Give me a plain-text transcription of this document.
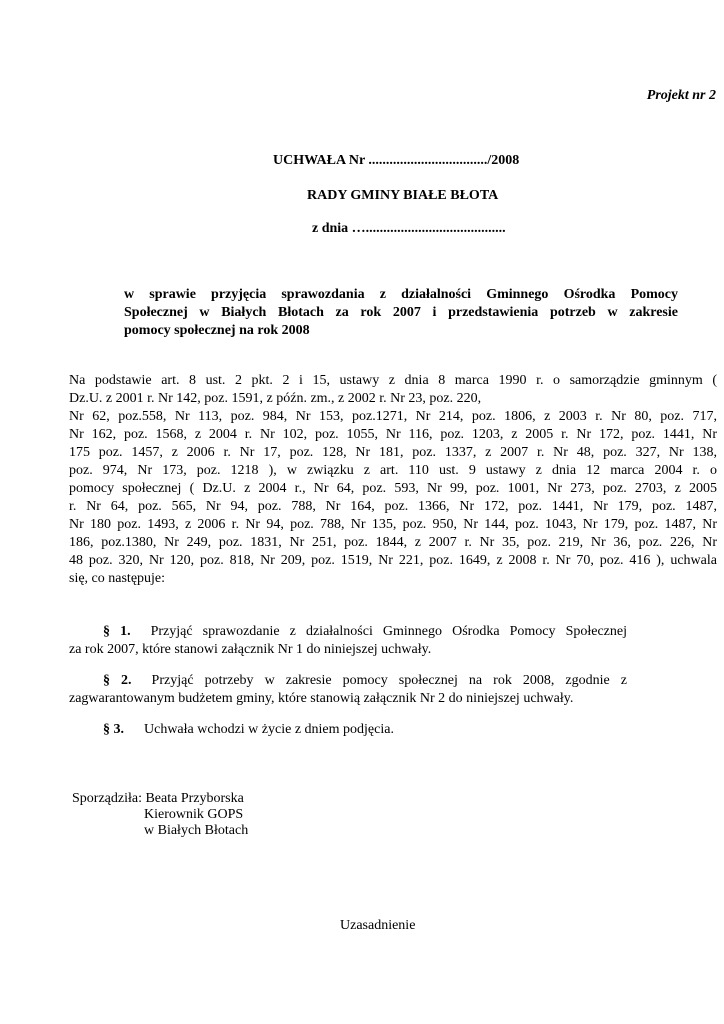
Projekt nr 2
UCHWAŁA Nr ................................../2008
RADY GMINY BIAŁE BŁOTA
z dnia …........................................
w sprawie przyjęcia sprawozdania z działalności Gminnego Ośrodka Pomocy
Społecznej w Białych Błotach za rok 2007 i przedstawienia potrzeb w zakresie
pomocy społecznej na rok 2008
Na podstawie art. 8 ust. 2 pkt. 2 i 15, ustawy z dnia 8 marca 1990 r. o samorządzie gminnym (
Dz.U. z 2001 r. Nr 142, poz. 1591, z późn. zm., z 2002 r. Nr 23, poz. 220,
Nr 62, poz.558, Nr 113, poz. 984, Nr 153, poz.1271, Nr 214, poz. 1806, z 2003 r. Nr 80, poz. 717,
Nr 162, poz. 1568, z 2004 r. Nr 102, poz. 1055, Nr 116, poz. 1203, z 2005 r. Nr 172, poz. 1441, Nr
175 poz. 1457, z 2006 r. Nr 17, poz. 128, Nr 181, poz. 1337, z 2007 r. Nr 48, poz. 327, Nr 138,
poz. 974, Nr 173, poz. 1218 ), w związku z art. 110 ust. 9 ustawy z dnia 12 marca 2004 r. o
pomocy społecznej ( Dz.U. z 2004 r., Nr 64, poz. 593, Nr 99, poz. 1001, Nr 273, poz. 2703, z 2005
r. Nr 64, poz. 565, Nr 94, poz. 788, Nr 164, poz. 1366, Nr 172, poz. 1441, Nr 179, poz. 1487,
Nr 180 poz. 1493, z 2006 r. Nr 94, poz. 788, Nr 135, poz. 950, Nr 144, poz. 1043, Nr 179, poz. 1487, Nr
186, poz.1380, Nr 249, poz. 1831, Nr 251, poz. 1844, z 2007 r. Nr 35, poz. 219, Nr 36, poz. 226, Nr
48 poz. 320, Nr 120, poz. 818, Nr 209, poz. 1519, Nr 221, poz. 1649, z 2008 r. Nr 70, poz. 416 ), uchwala
się, co następuje:
§ 1. Przyjąć sprawozdanie z działalności Gminnego Ośrodka Pomocy Społecznej
za rok 2007, które stanowi załącznik Nr 1 do niniejszej uchwały.
§ 2. Przyjąć potrzeby w zakresie pomocy społecznej na rok 2008, zgodnie z
zagwarantowanym budżetem gminy, które stanowią załącznik Nr 2 do niniejszej uchwały.
§ 3. Uchwała wchodzi w życie z dniem podjęcia.
Sporządziła: Beata Przyborska
Kierownik GOPS
w Białych Błotach
Uzasadnienie
